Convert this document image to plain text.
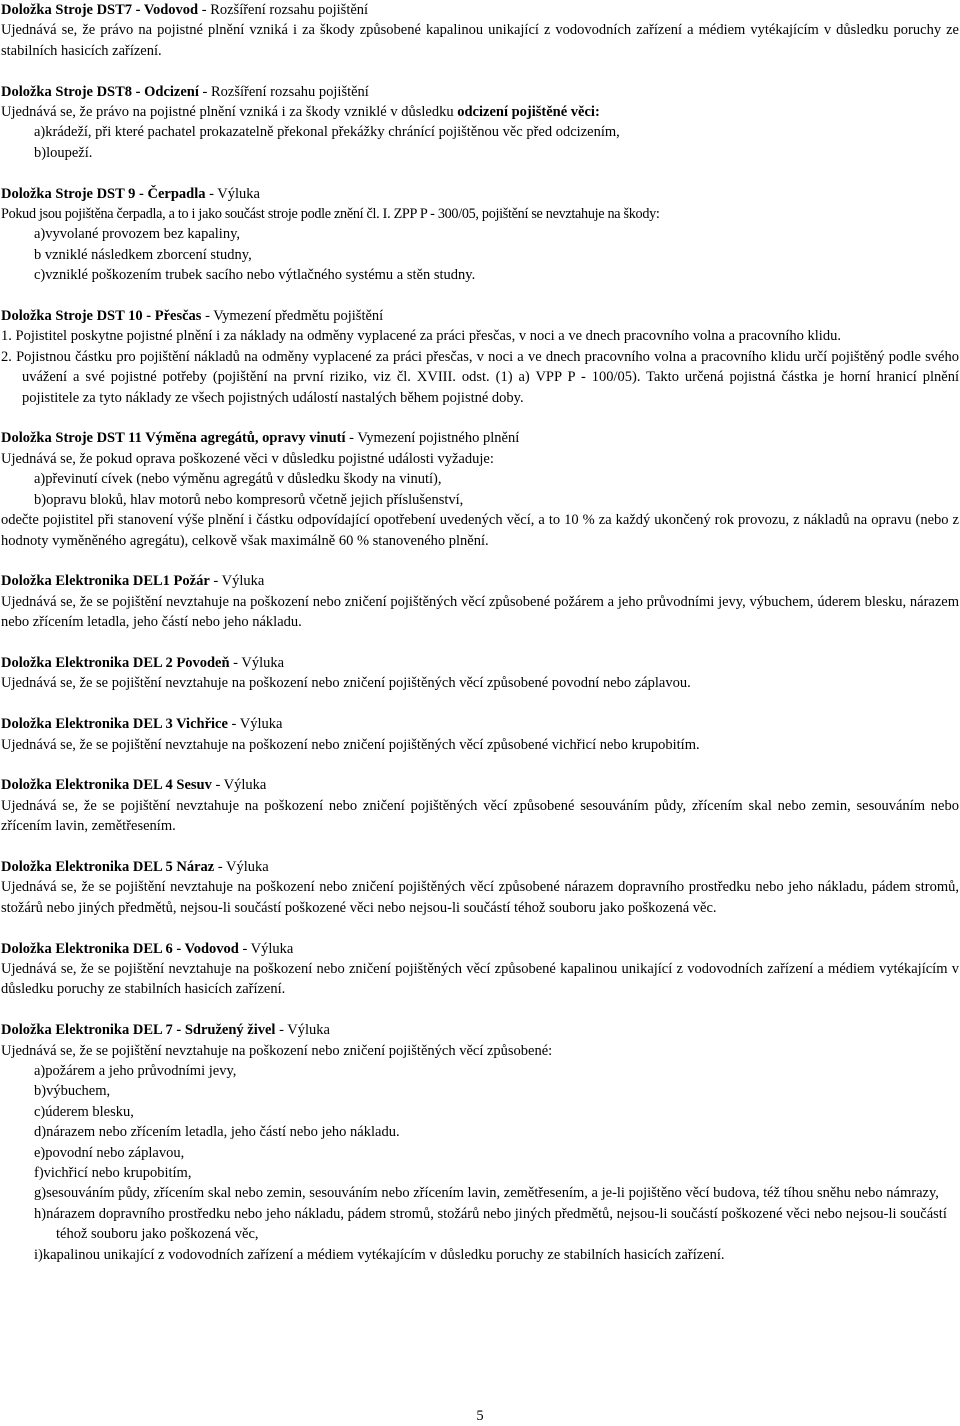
Doložka Stroje DST7 - Vodovod - Rozšíření rozsahu pojištění

Ujednává se, že právo na pojistné plnění vzniká i za škody způsobené kapalinou unikající z vodovodních zařízení a médiem vytékajícím v důsledku poruchy ze stabilních hasicích zařízení.

Doložka Stroje DST8 - Odcizení - Rozšíření rozsahu pojištění

Ujednává se, že právo na pojistné plnění vzniká i za škody vzniklé v důsledku odcizení pojištěné věci:

a)krádeží, při které pachatel prokazatelně překonal překážky chránící pojištěnou věc před odcizením,

b)loupeží.

Doložka Stroje DST 9 - Čerpadla - Výluka

Pokud jsou pojištěna čerpadla, a to i jako součást stroje podle znění čl. I. ZPP P - 300/05, pojištění se nevztahuje na škody:

a)vyvolané provozem bez kapaliny,

b vzniklé následkem zborcení studny,

c)vzniklé poškozením trubek sacího nebo výtlačného systému a stěn studny.

Doložka Stroje DST 10 - Přesčas - Vymezení předmětu pojištění

1. Pojistitel poskytne pojistné plnění i za náklady na odměny vyplacené za práci přesčas, v noci a ve dnech pracovního volna a pracovního klidu.

2. Pojistnou částku pro pojištění nákladů na odměny vyplacené za práci přesčas, v noci a ve dnech pracovního volna a pracovního klidu určí pojištěný podle svého uvážení a své pojistné potřeby (pojištění na první riziko, viz čl. XVIII. odst. (1) a) VPP P - 100/05). Takto určená pojistná částka je horní hranicí plnění pojistitele za tyto náklady ze všech pojistných událostí nastalých během pojistné doby.

Doložka Stroje DST 11 Výměna agregátů, opravy vinutí - Vymezení pojistného plnění

Ujednává se, že pokud oprava poškozené věci v důsledku pojistné události vyžaduje:

a)převinutí cívek (nebo výměnu agregátů v důsledku škody na vinutí),

b)opravu bloků, hlav motorů nebo kompresorů včetně jejich příslušenství,

odečte pojistitel při stanovení výše plnění i částku odpovídající opotřebení uvedených věcí, a to 10 % za každý ukončený rok provozu, z nákladů na opravu (nebo z hodnoty vyměněného agregátu), celkově však maximálně 60 % stanoveného plnění.

Doložka Elektronika DEL1 Požár - Výluka

Ujednává se, že se pojištění nevztahuje na poškození nebo zničení pojištěných věcí způsobené požárem a jeho průvodními jevy, výbuchem, úderem blesku, nárazem nebo zřícením letadla, jeho částí nebo jeho nákladu.

Doložka Elektronika DEL 2 Povodeň - Výluka

Ujednává se, že se pojištění nevztahuje na poškození nebo zničení pojištěných věcí způsobené povodní nebo záplavou.

Doložka Elektronika DEL 3 Vichřice - Výluka

Ujednává se, že se pojištění nevztahuje na poškození nebo zničení pojištěných věcí způsobené vichřicí nebo krupobitím.

Doložka Elektronika DEL 4 Sesuv - Výluka

Ujednává se, že se pojištění nevztahuje na poškození nebo zničení pojištěných věcí způsobené sesouváním půdy, zřícením skal nebo zemin, sesouváním nebo zřícením lavin, zemětřesením.

Doložka Elektronika DEL 5 Náraz - Výluka

Ujednává se, že se pojištění nevztahuje na poškození nebo zničení pojištěných věcí způsobené nárazem dopravního prostředku nebo jeho nákladu, pádem stromů, stožárů nebo jiných předmětů, nejsou-li součástí poškozené věci nebo nejsou-li součástí téhož souboru jako poškozená věc.

Doložka Elektronika DEL 6 - Vodovod - Výluka

Ujednává se, že se pojištění nevztahuje na poškození nebo zničení pojištěných věcí způsobené kapalinou unikající z vodovodních zařízení a médiem vytékajícím v důsledku poruchy ze stabilních hasicích zařízení.

Doložka Elektronika DEL 7 - Sdružený živel - Výluka

Ujednává se, že se pojištění nevztahuje na poškození nebo zničení pojištěných věcí způsobené:

a)požárem a jeho průvodními jevy,

b)výbuchem,

c)úderem blesku,

d)nárazem nebo zřícením letadla, jeho částí nebo jeho nákladu.

e)povodní nebo záplavou,

f)vichřicí nebo krupobitím,

g)sesouváním půdy, zřícením skal nebo zemin, sesouváním nebo zřícením lavin, zemětřesením, a je-li pojištěno věcí budova, též tíhou sněhu nebo námrazy,

h)nárazem dopravního prostředku nebo jeho nákladu, pádem stromů, stožárů nebo jiných předmětů, nejsou-li součástí poškozené věci nebo nejsou-li součástí téhož souboru jako poškozená věc,

i)kapalinou unikající z vodovodních zařízení a médiem vytékajícím v důsledku poruchy ze stabilních hasicích zařízení.

5
